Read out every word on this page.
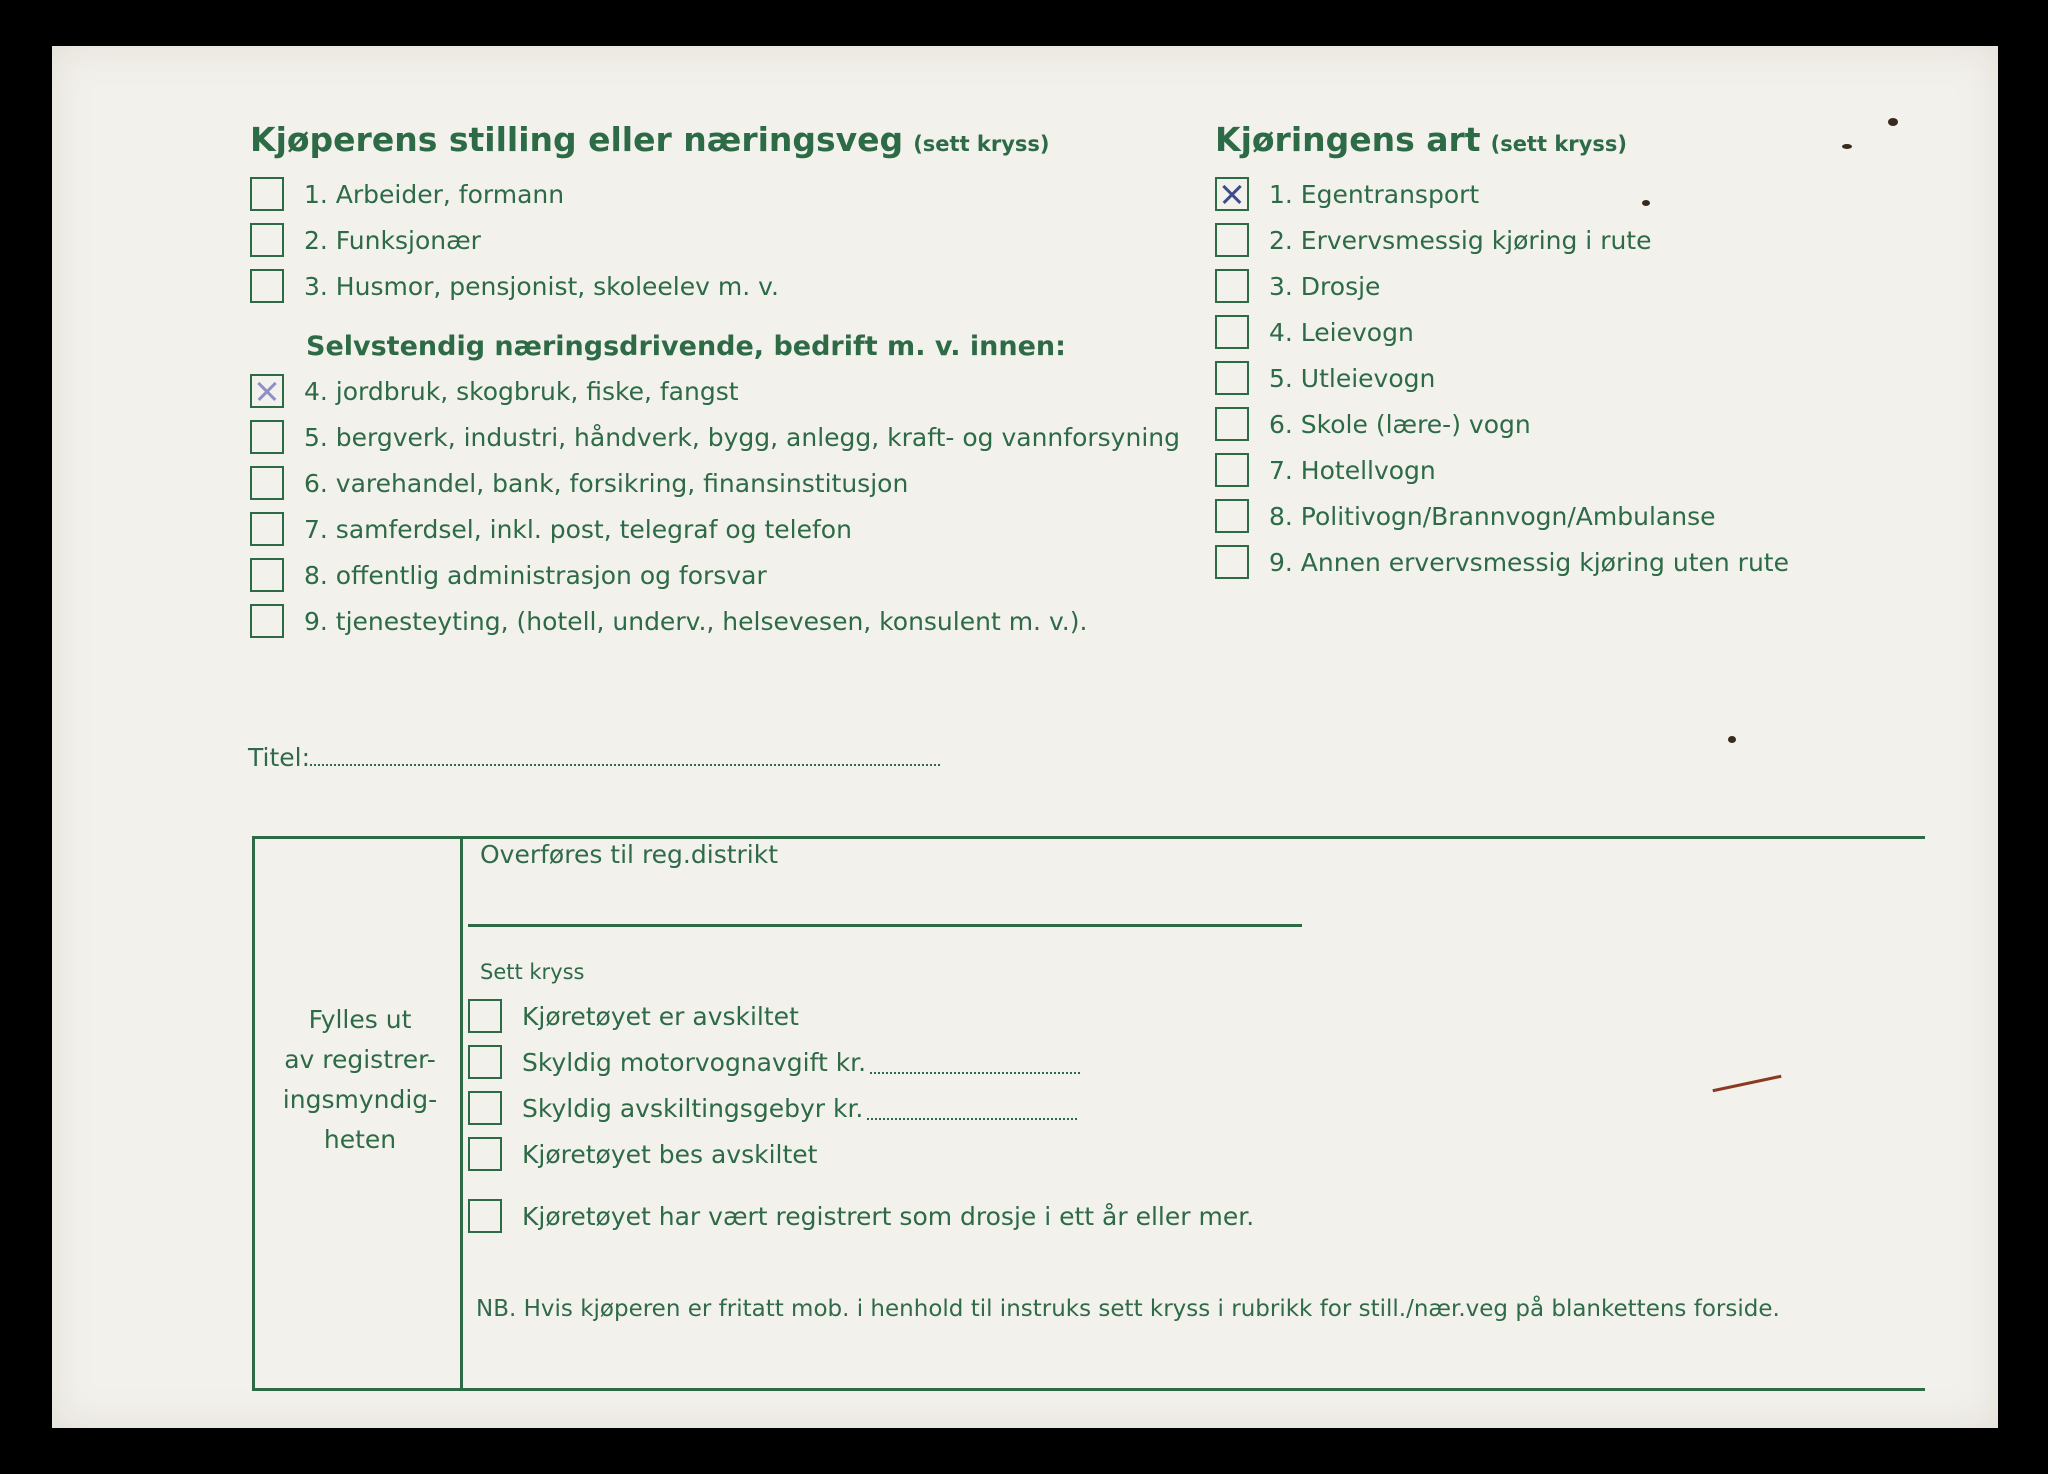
Kjøperens stilling eller næringsveg (sett kryss)
1. Arbeider, formann
2. Funksjonær
3. Husmor, pensjonist, skoleelev m. v.
Selvstendig næringsdrivende, bedrift m. v. innen:
4. jordbruk, skogbruk, fiske, fangst
5. bergverk, industri, håndverk, bygg, anlegg, kraft- og vannforsyning
6. varehandel, bank, forsikring, finansinstitusjon
7. samferdsel, inkl. post, telegraf og telefon
8. offentlig administrasjon og forsvar
9. tjenesteyting, (hotell, underv., helsevesen, konsulent m. v.).
Titel:
Kjøringens art (sett kryss)
1. Egentransport
2. Ervervsmessig kjøring i rute
3. Drosje
4. Leievogn
5. Utleievogn
6. Skole (lære-) vogn
7. Hotellvogn
8. Politivogn/Brannvogn/Ambulanse
9. Annen ervervsmessig kjøring uten rute
Fylles ut
av registrer-
ingsmyndig-
heten
Overføres til reg.distrikt
Sett kryss
Kjøretøyet er avskiltet
Skyldig motorvognavgift kr.
Skyldig avskiltingsgebyr kr.
Kjøretøyet bes avskiltet
Kjøretøyet har vært registrert som drosje i ett år eller mer.
NB. Hvis kjøperen er fritatt mob. i henhold til instruks sett kryss i rubrikk for still./nær.veg på blankettens forside.
